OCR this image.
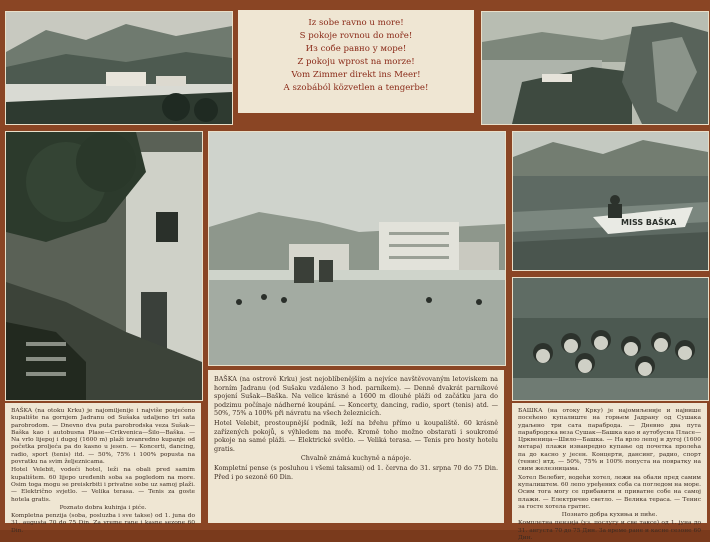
Iz sobe ravno u more!
S pokoje rovnou do moře!
Из собе равно у море!
Z pokoju wprost na morze!
Vom Zimmer direkt ins Meer!
A szobából közvetlen a tengerbe!
MISS BAŠKA

BAŠKA (na otoku Krku) je najomiljenije i najviše posjećeno kupalište na gornjem Jadranu od Sušaka udaljeno tri sata parobrodom. — Dnevno dva puta parobrodska veza Sušak—Baška kao i autobusna Plase—Crikvenica—Šilo—Baška. — Na vrlo lijepoj i dugoj (1600 m) plaži izvanredno kupanje od početka proljeća pa do kasno u jesen. — Koncerti, dancing, radio, sport (tenis) itd. — 50%, 75% i 100% popusta na povratku na svim željeznicama.

Hotel Velebit, vodeći hotel, leži na obali pred samim kupalištem. 60 lijepo uređenih soba sa pogledom na more. Osim toga mogu se preiskrbiti i privatne sobe uz samoj plaži. — Električno svjetlo. — Velika terasa. — Tenis za goste hotela gratis.

Poznato dobra kuhinja i piće.

Kompletna penzija (soba, posluzba i sve takse) od 1. juna do 31. augusta 70 do 75 Din. Za vreme rane i kasne sezone 60 Din.

BAŠKA (na ostrově Krku) jest nejoblíbenějším a nejvíce navštěvovaným letoviskem na horním Jadranu (od Sušaku vzdáleno 3 hod. parníkem). — Denně dvakrát parníkové spojení Sušak—Baška. Na velice krásné a 1600 m dlouhé pláži od začátku jara do podzimu počínaje nádherné koupání. — Koncerty, dancing, radio, sport (tenis) atd. — 50%, 75% a 100% při návratu na všech železnicích.

Hotel Velebit, prostoupnější podnik, leží na břehu přímo u koupaliště. 60 krásně zařízených pokojů, s výhledem na moře. Kromě toho možno obstarati i soukromé pokoje na samé pláži. — Elektrické světlo. — Veliká terasa. — Tenis pro hosty hotelu gratis.

Chvalně známá kuchyně a nápoje.

Kompletní pense (s posluhou i všemi taksami) od 1. června do 31. srpna 70 do 75 Din. Před i po sezoně 60 Din.

БАШКА (на отоку Крку) је најомиљеније и највише посећено купалиште на горњем Јадрану од Сушака удаљено три сата параброда. — Дневно два пута парабродска веза Сушак—Башка као и аутобусна Пласе—Црквеница—Шило—Башка. — На врло лепој и дугој (1600 метара) плажи изванредно купање од почетка пролећа па до касно у јесен. Концерти, дансинг, радио, спорт (тенис) итд. — 50%, 75% и 100% попуста на повратку на свим железницама.

Хотел Велебит, водећи хотел, лежи на обали пред самим купалиштем. 60 лепо уређених соба са погледом на море. Осим тога могу се прибавити и приватне собе на самој плажи. — Електрично светло. — Велика тераса. — Тенис за госте хотела гратис.

Познато добра кухиња и пиће.

Комплетна пензија (уз. послугу и све таксе) од 1. јуна до 31. августа 70 до 75 Дин. За време ране и касне сезоне 60 Дин.
